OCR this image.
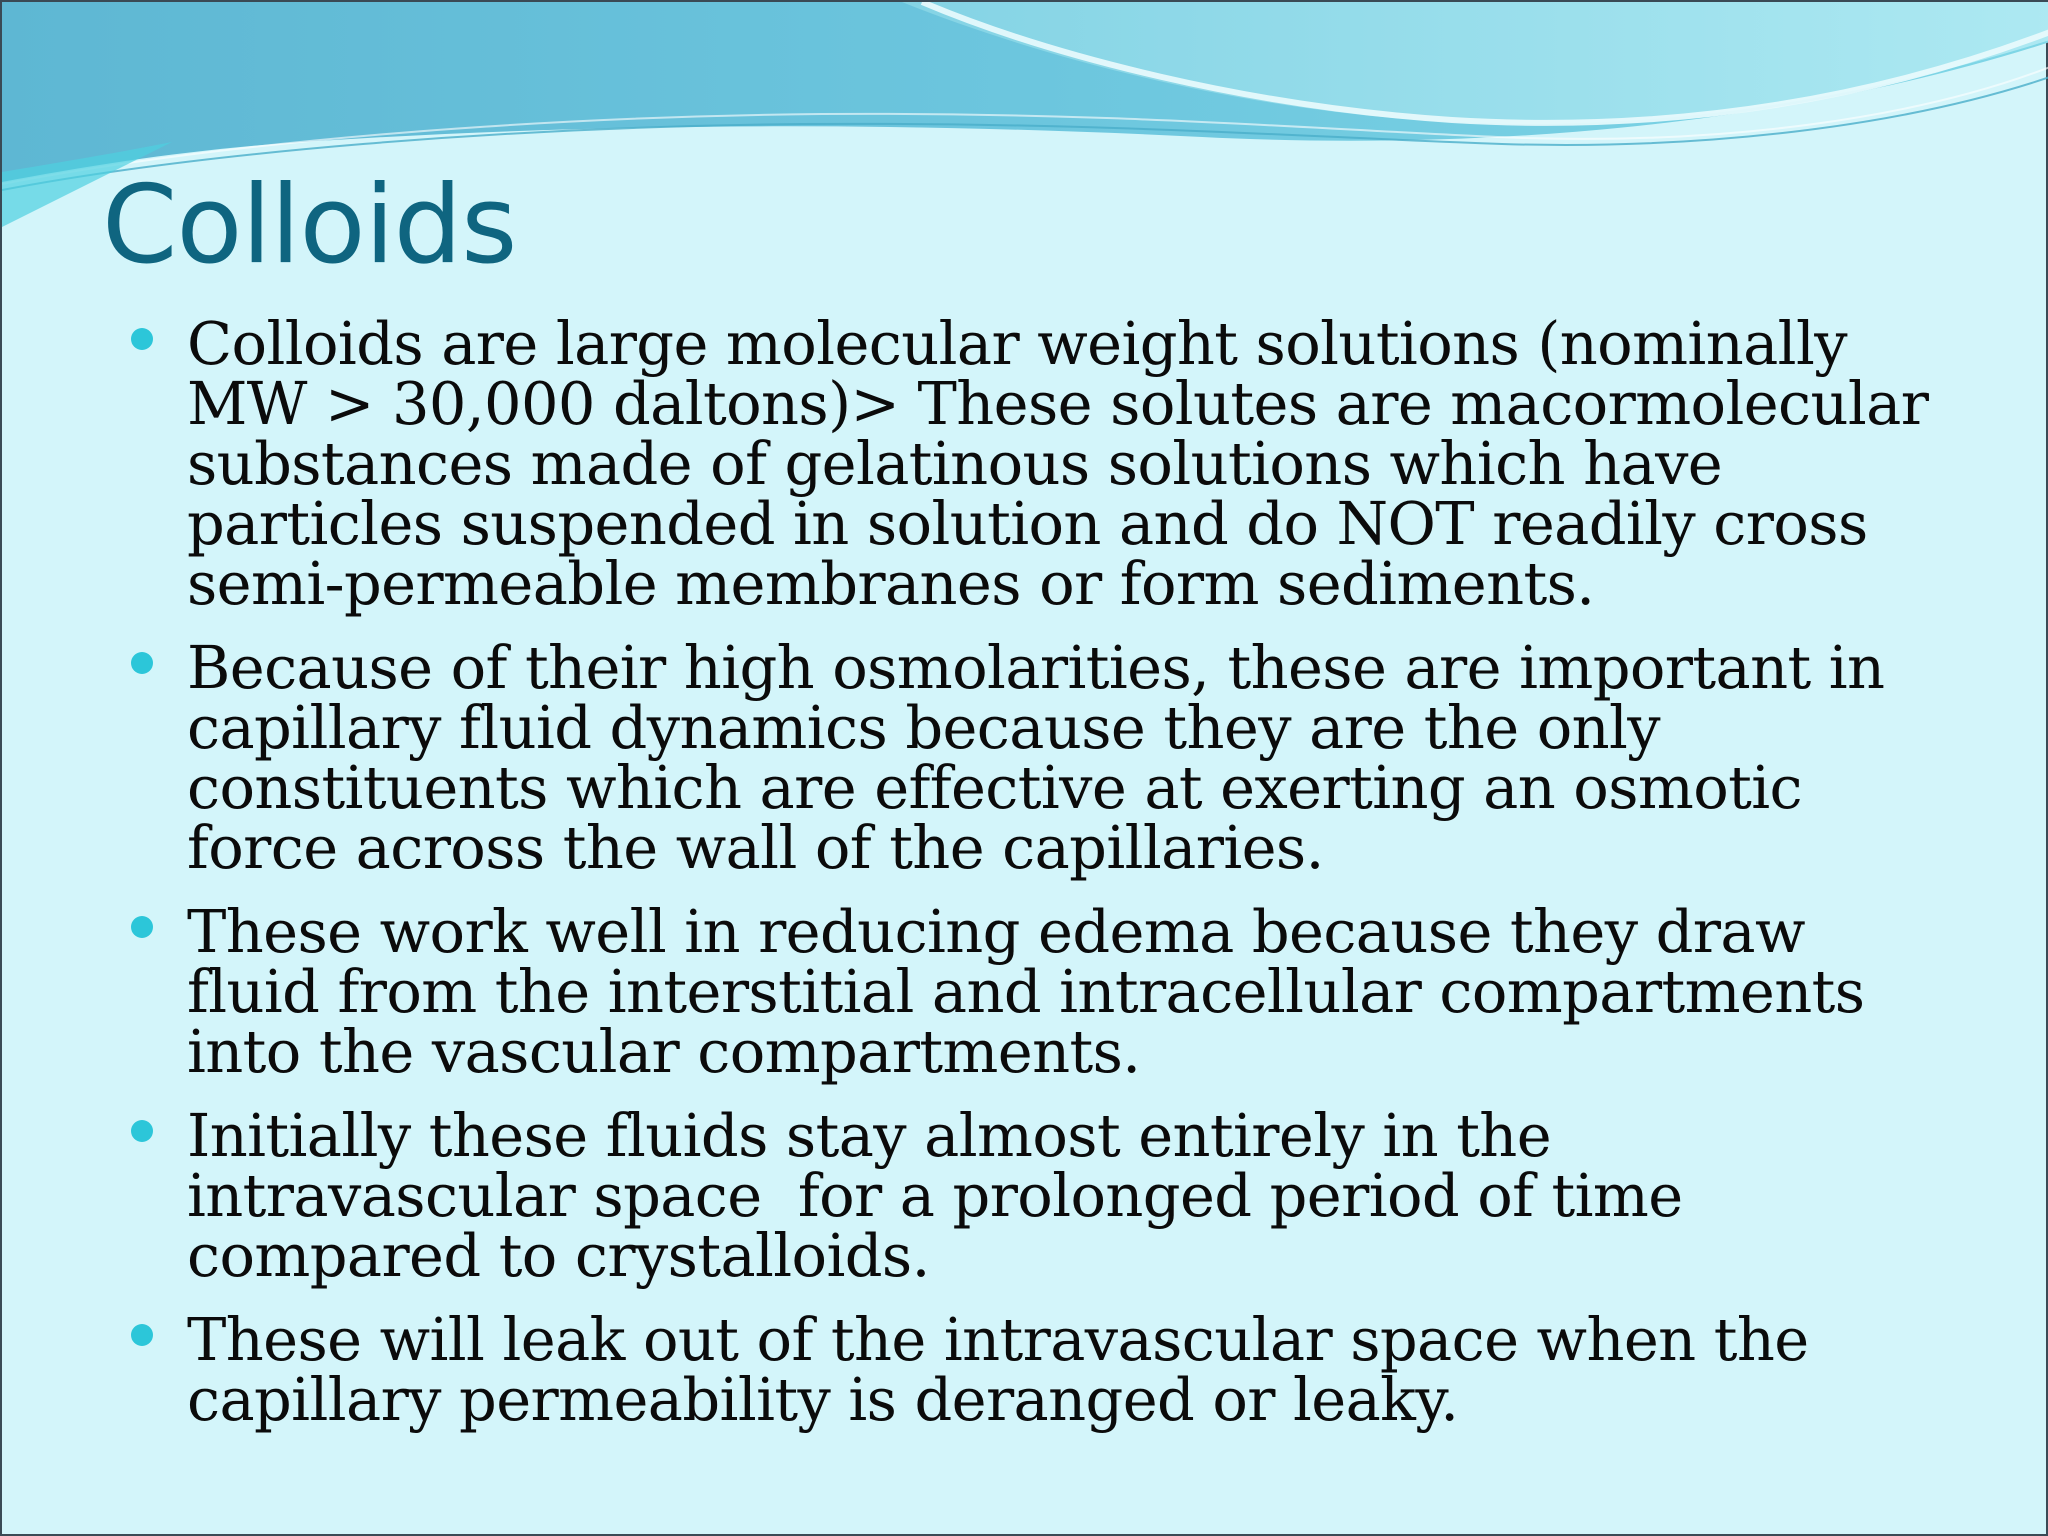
Colloids
Colloids are large molecular weight solutions (nominally
MW > 30,000 daltons)> These solutes are macormolecular
substances made of gelatinous solutions which have
particles suspended in solution and do NOT readily cross
semi-permeable membranes or form sediments.
Because of their high osmolarities, these are important in
capillary fluid dynamics because they are the only
constituents which are effective at exerting an osmotic
force across the wall of the capillaries.
These work well in reducing edema because they draw
fluid from the interstitial and intracellular compartments
into the vascular compartments.
Initially these fluids stay almost entirely in the
intravascular space  for a prolonged period of time
compared to crystalloids.
These will leak out of the intravascular space when the
capillary permeability is deranged or leaky.
